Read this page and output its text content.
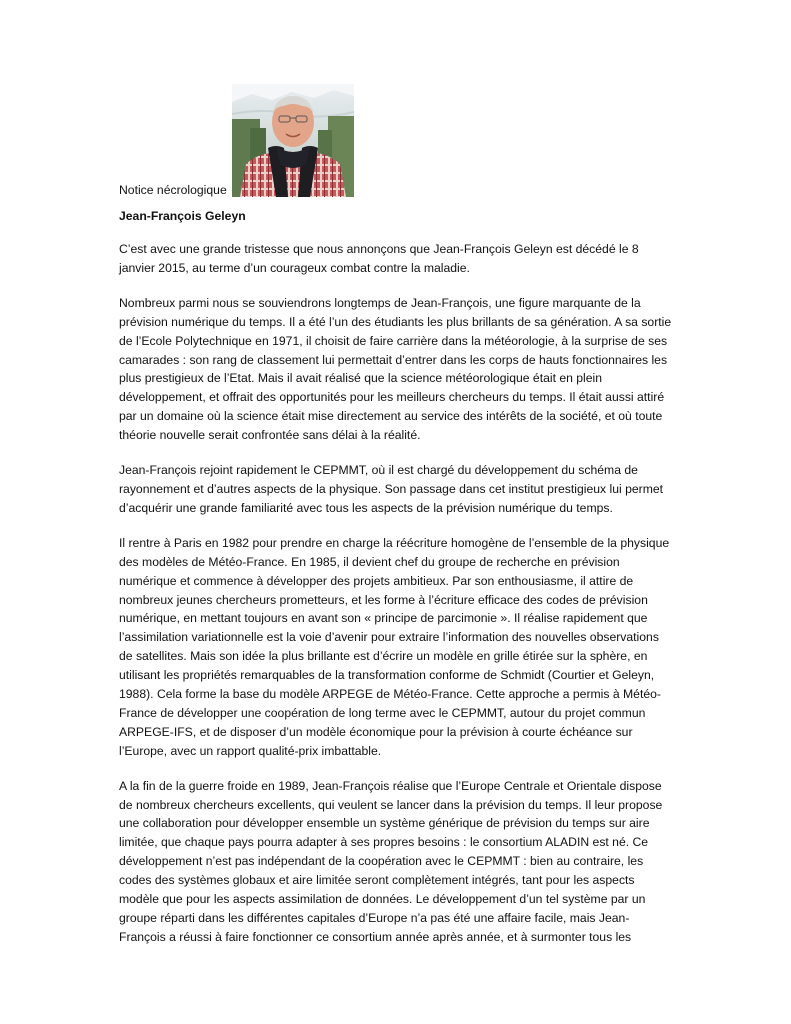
Notice nécrologique
Jean-François Geleyn

C’est avec une grande tristesse que nous annonçons que Jean-François Geleyn est décédé le 8 janvier 2015, au terme d’un courageux combat contre la maladie.

Nombreux parmi nous se souviendrons longtemps de Jean-François, une figure marquante de la prévision numérique du temps. Il a été l’un des étudiants les plus brillants de sa génération. A sa sortie de l’Ecole Polytechnique en 1971, il choisit de faire carrière dans la météorologie, à la surprise de ses camarades : son rang de classement lui permettait d’entrer dans les corps de hauts fonctionnaires les plus prestigieux de l’Etat. Mais il avait réalisé que la science météorologique était en plein développement, et offrait des opportunités pour les meilleurs chercheurs du temps. Il était aussi attiré par un domaine où la science était mise directement au service des intérêts de la société, et où toute théorie nouvelle serait confrontée sans délai à la réalité.

Jean-François rejoint rapidement le CEPMMT, où il est chargé du développement du schéma de rayonnement et d’autres aspects de la physique. Son passage dans cet institut prestigieux lui permet d’acquérir une grande familiarité avec tous les aspects de la prévision numérique du temps.

Il rentre à Paris en 1982 pour prendre en charge la réécriture homogène de l’ensemble de la physique des modèles de Météo-France. En 1985, il devient chef du groupe de recherche en prévision numérique et commence à développer des projets ambitieux. Par son enthousiasme, il attire de nombreux jeunes chercheurs prometteurs, et les forme à l’écriture efficace des codes de prévision numérique, en mettant toujours en avant son « principe de parcimonie ». Il réalise rapidement que l’assimilation variationnelle est la voie d’avenir pour extraire l’information des nouvelles observations de satellites. Mais son idée la plus brillante est d’écrire un modèle en grille étirée sur la sphère, en utilisant les propriétés remarquables de la transformation conforme de Schmidt (Courtier et Geleyn, 1988). Cela forme la base du modèle ARPEGE de Météo-France. Cette approche a permis à Météo-France de développer une coopération de long terme avec le CEPMMT, autour du projet commun ARPEGE-IFS, et de disposer d’un modèle économique pour la prévision à courte échéance sur l’Europe, avec un rapport qualité-prix imbattable.

A la fin de la guerre froide en 1989, Jean-François réalise que l’Europe Centrale et Orientale dispose de nombreux chercheurs excellents, qui veulent se lancer dans la prévision du temps. Il leur propose une collaboration pour développer ensemble un système générique de prévision du temps sur aire limitée, que chaque pays pourra adapter à ses propres besoins : le consortium ALADIN est né. Ce développement n’est pas indépendant de la coopération avec le CEPMMT : bien au contraire, les codes des systèmes globaux et aire limitée seront complètement intégrés, tant pour les aspects modèle que pour les aspects assimilation de données. Le développement d’un tel système par un groupe réparti dans les différentes capitales d’Europe n’a pas été une affaire facile, mais Jean-François a réussi à faire fonctionner ce consortium année après année, et à surmonter tous les
